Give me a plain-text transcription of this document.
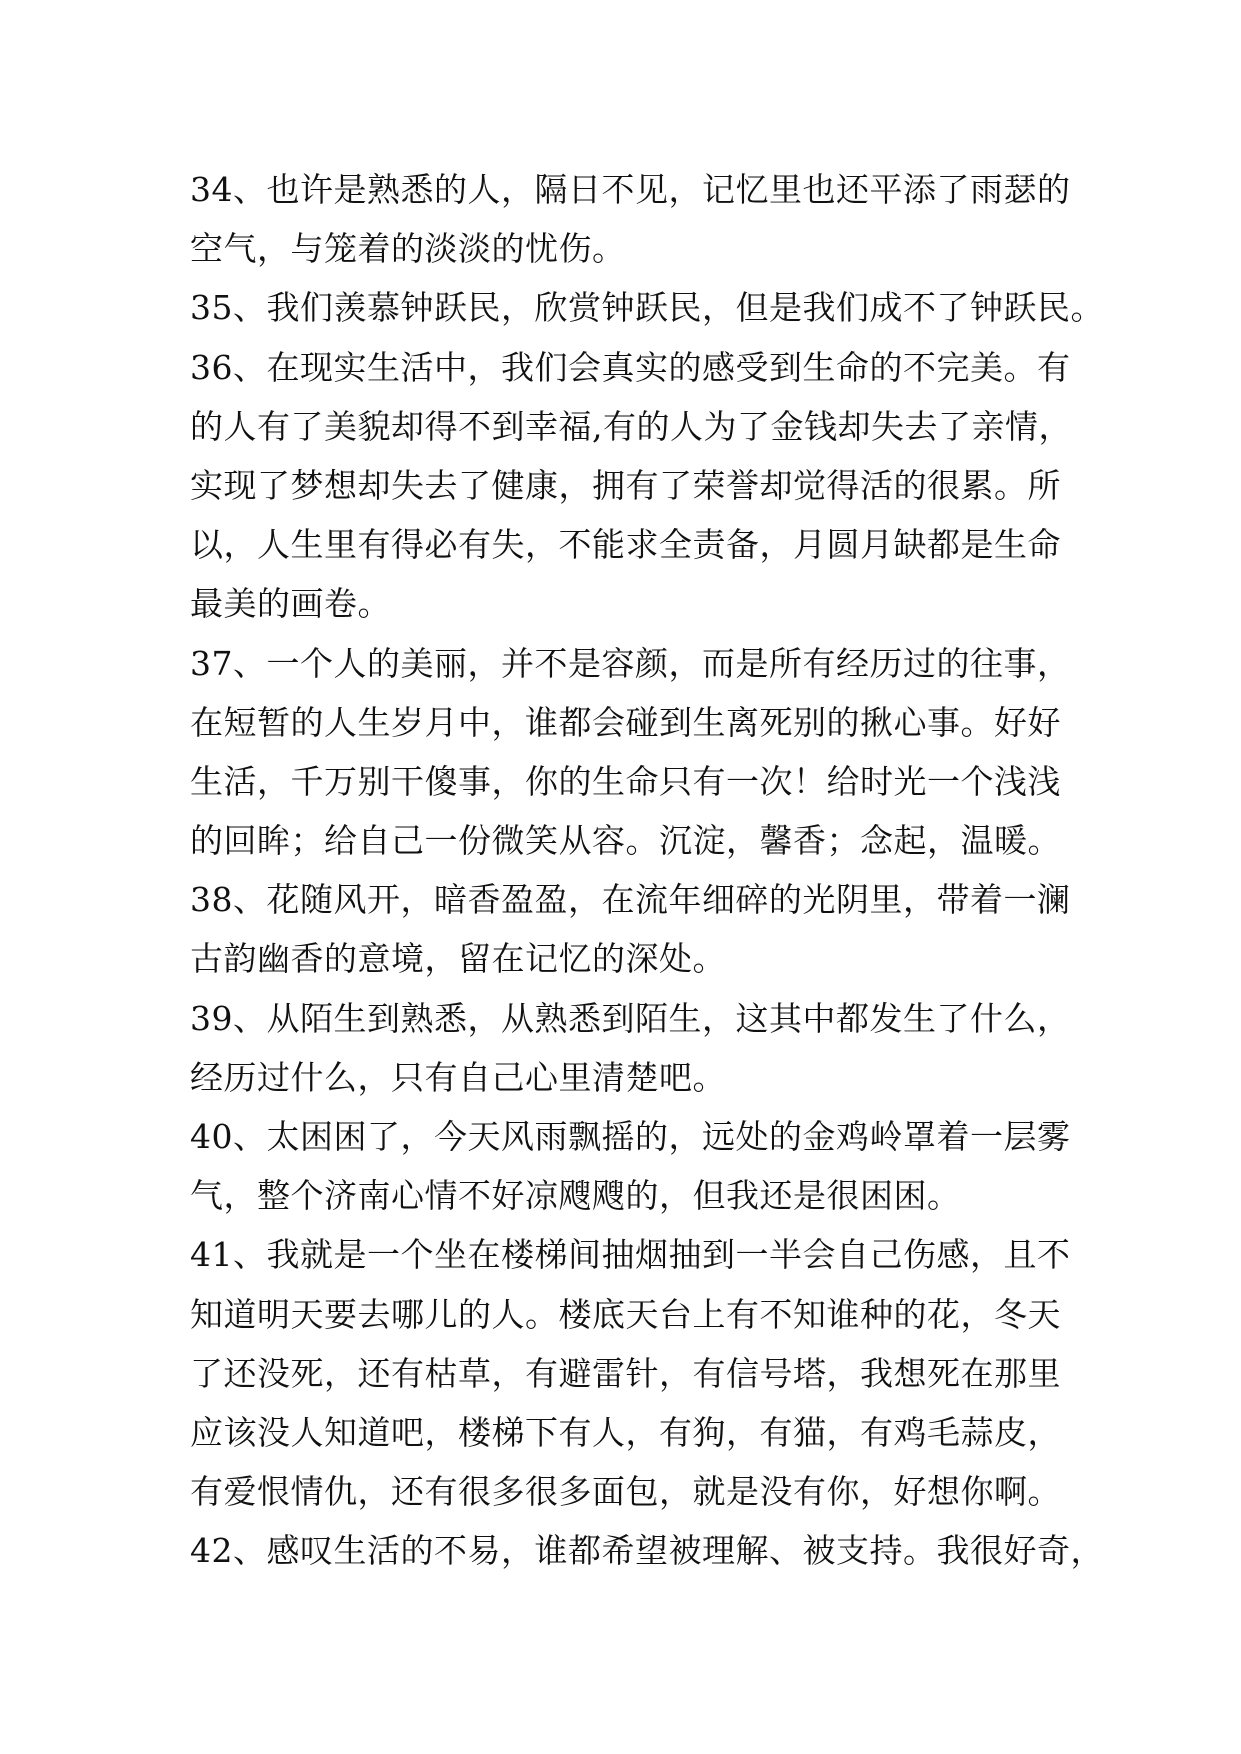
34、也许是熟悉的人，隔日不见，记忆里也还平添了雨瑟的
空气，与笼着的淡淡的忧伤。
35、我们羡慕钟跃民，欣赏钟跃民，但是我们成不了钟跃民。
36、在现实生活中，我们会真实的感受到生命的不完美。有
的人有了美貌却得不到幸福,有的人为了金钱却失去了亲情，
实现了梦想却失去了健康，拥有了荣誉却觉得活的很累。所
以，人生里有得必有失，不能求全责备，月圆月缺都是生命
最美的画卷。
37、一个人的美丽，并不是容颜，而是所有经历过的往事，
在短暂的人生岁月中，谁都会碰到生离死别的揪心事。好好
生活，千万别干傻事，你的生命只有一次！给时光一个浅浅
的回眸；给自己一份微笑从容。沉淀，馨香；念起，温暖。
38、花随风开，暗香盈盈，在流年细碎的光阴里，带着一澜
古韵幽香的意境，留在记忆的深处。
39、从陌生到熟悉，从熟悉到陌生，这其中都发生了什么，
经历过什么，只有自己心里清楚吧。
40、太困困了，今天风雨飘摇的，远处的金鸡岭罩着一层雾
气，整个济南心情不好凉飕飕的，但我还是很困困。
41、我就是一个坐在楼梯间抽烟抽到一半会自己伤感，且不
知道明天要去哪儿的人。楼底天台上有不知谁种的花，冬天
了还没死，还有枯草，有避雷针，有信号塔，我想死在那里
应该没人知道吧，楼梯下有人，有狗，有猫，有鸡毛蒜皮，
有爱恨情仇，还有很多很多面包，就是没有你，好想你啊。
42、感叹生活的不易，谁都希望被理解、被支持。我很好奇，
